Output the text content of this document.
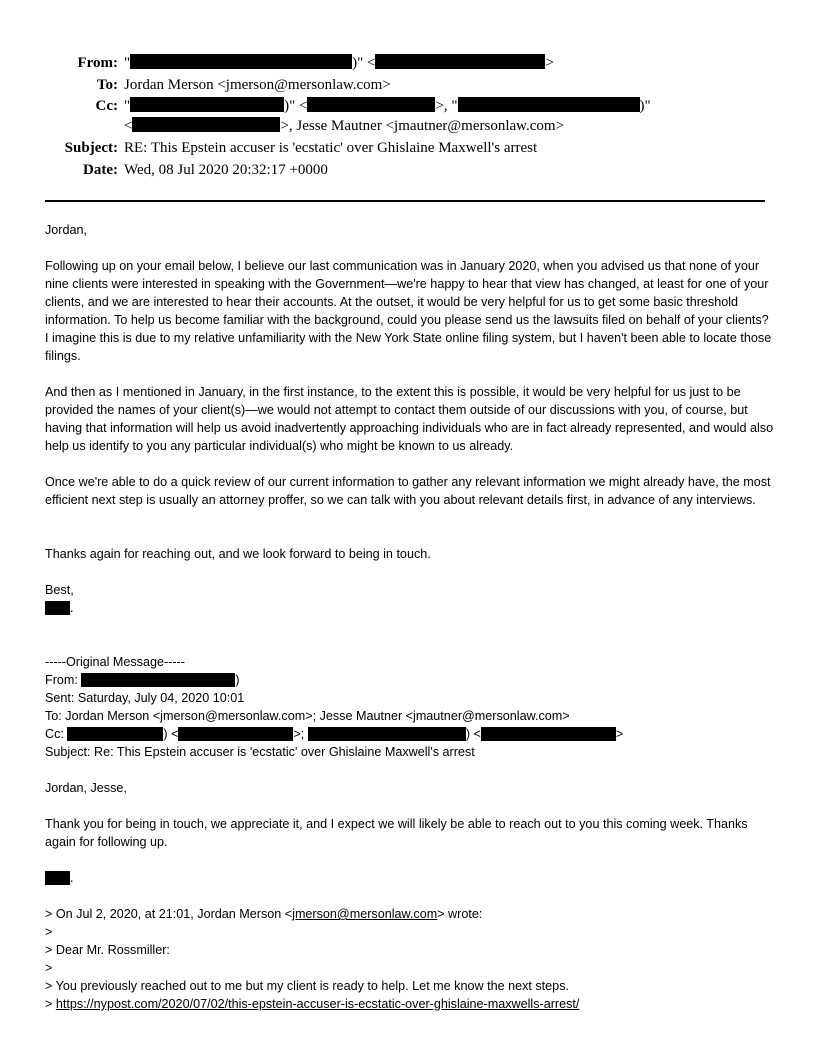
From: "	)" <	>
To: Jordan Merson <jmerson@mersonlaw.com>
Cc: "	)" <	>, "	)"
<	>, Jesse Mautner <jmautner@mersonlaw.com>
Subject: RE: This Epstein accuser is 'ecstatic' over Ghislaine Maxwell's arrest
Date: Wed, 08 Jul 2020 20:32:17 +0000

Jordan,

Following up on your email below, I believe our last communication was in January 2020, when you advised us that none of your nine clients were interested in speaking with the Government—we're happy to hear that view has changed, at least for one of your clients, and we are interested to hear their accounts. At the outset, it would be very helpful for us to get some basic threshold information. To help us become familiar with the background, could you please send us the lawsuits filed on behalf of your clients? I imagine this is due to my relative unfamiliarity with the New York State online filing system, but I haven't been able to locate those filings.

And then as I mentioned in January, in the first instance, to the extent this is possible, it would be very helpful for us just to be provided the names of your client(s)—we would not attempt to contact them outside of our discussions with you, of course, but having that information will help us avoid inadvertently approaching individuals who are in fact already represented, and would also help us identify to you any particular individual(s) who might be known to us already.

Once we're able to do a quick review of our current information to gather any relevant information we might already have, the most efficient next step is usually an attorney proffer, so we can talk with you about relevant details first, in advance of any interviews.

Thanks again for reaching out, and we look forward to being in touch.

Best,

.

-----Original Message-----

From:	)

Sent: Saturday, July 04, 2020 10:01

To: Jordan Merson <jmerson@mersonlaw.com>; Jesse Mautner <jmautner@mersonlaw.com>

Cc:	) <	>;	) <	>

Subject: Re: This Epstein accuser is 'ecstatic' over Ghislaine Maxwell's arrest

Jordan, Jesse,

Thank you for being in touch, we appreciate it, and I expect we will likely be able to reach out to you this coming week. Thanks again for following up.

.

> On Jul 2, 2020, at 21:01, Jordan Merson <jmerson@mersonlaw.com> wrote:

>

> Dear Mr. Rossmiller:

>

> You previously reached out to me but my client is ready to help. Let me know the next steps.

> https://nypost.com/2020/07/02/this-epstein-accuser-is-ecstatic-over-ghislaine-maxwells-arrest/
